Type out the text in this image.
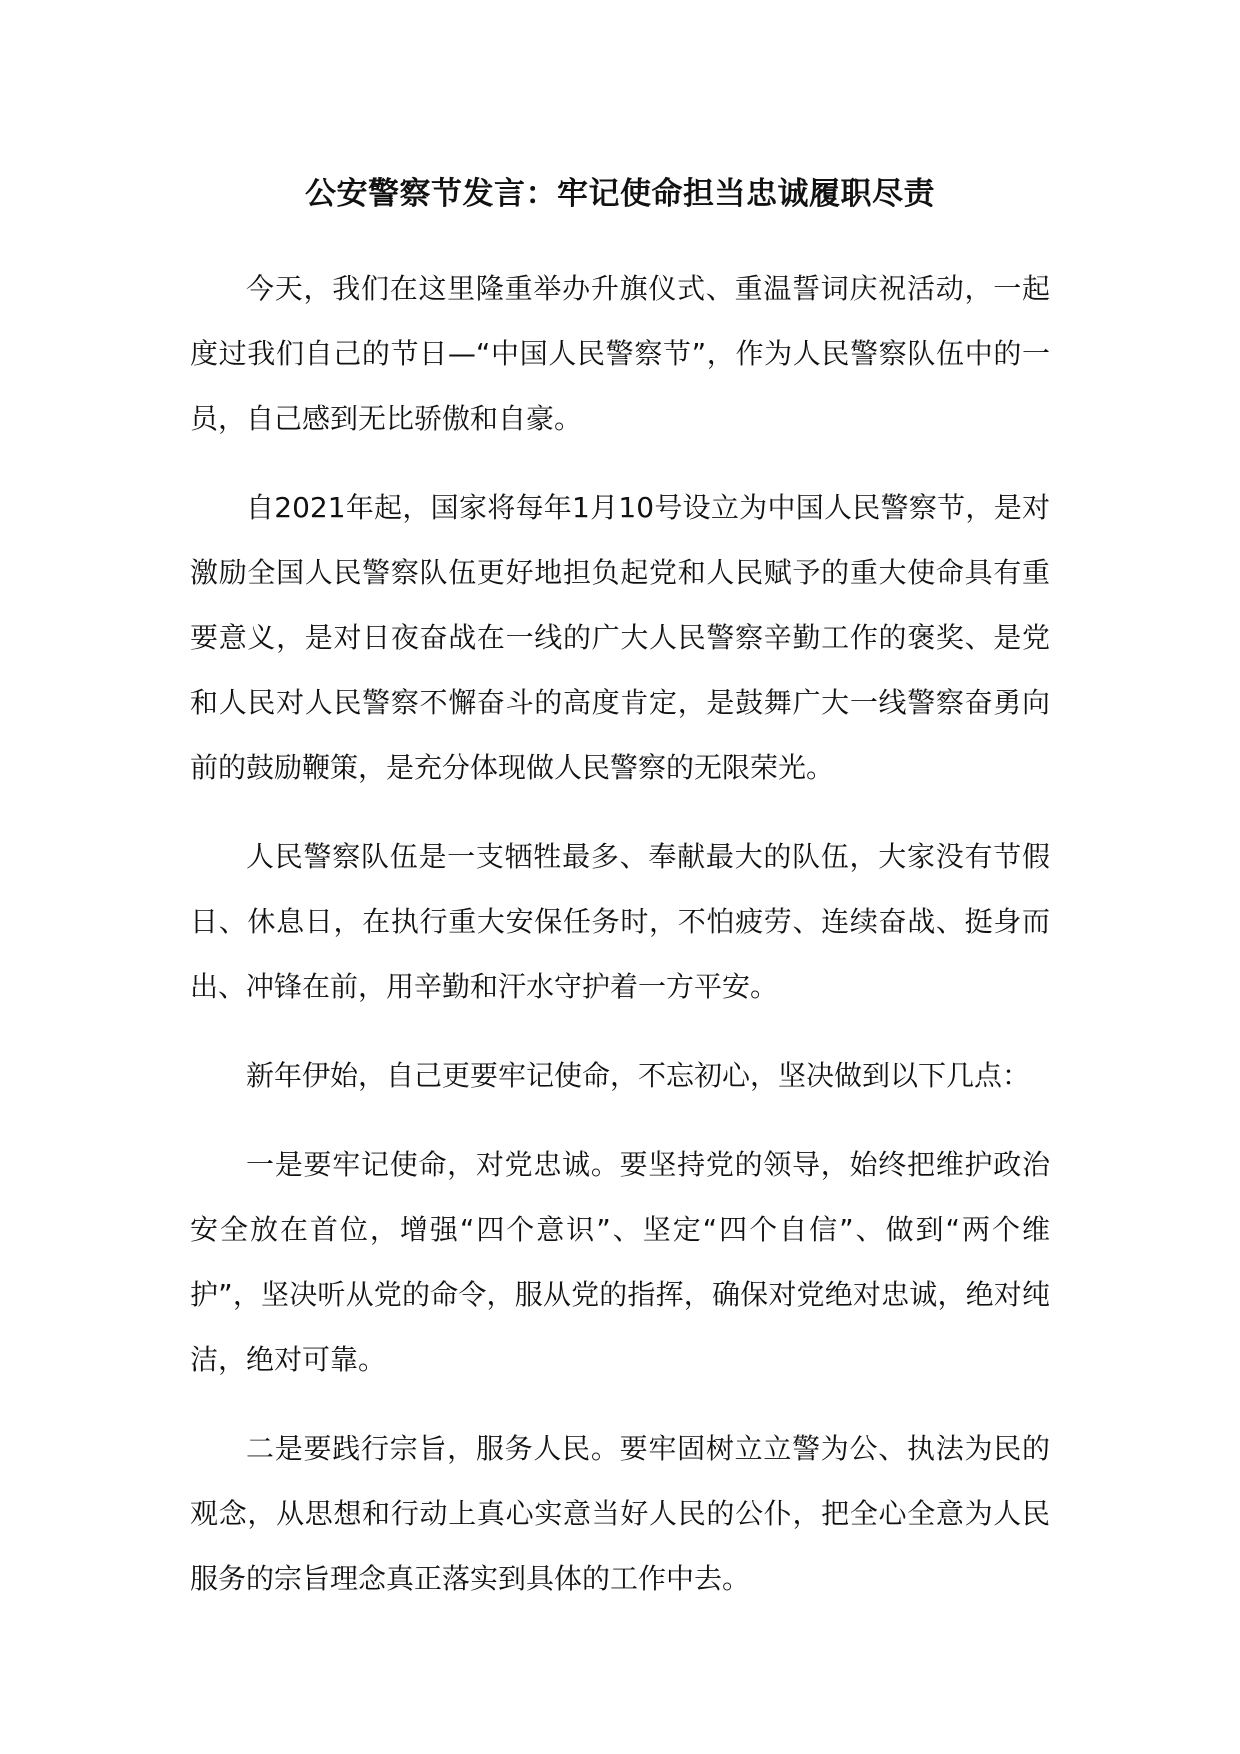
公安警察节发言：牢记使命担当忠诚履职尽责

今天，我们在这里隆重举办升旗仪式、重温誓词庆祝活动，一起度过我们自己的节日—“中国人民警察节”，作为人民警察队伍中的一员，自己感到无比骄傲和自豪。

自2021年起，国家将每年1月10号设立为中国人民警察节，是对激励全国人民警察队伍更好地担负起党和人民赋予的重大使命具有重要意义，是对日夜奋战在一线的广大人民警察辛勤工作的褒奖、是党和人民对人民警察不懈奋斗的高度肯定，是鼓舞广大一线警察奋勇向前的鼓励鞭策，是充分体现做人民警察的无限荣光。

人民警察队伍是一支牺牲最多、奉献最大的队伍，大家没有节假日、休息日，在执行重大安保任务时，不怕疲劳、连续奋战、挺身而出、冲锋在前，用辛勤和汗水守护着一方平安。

新年伊始，自己更要牢记使命，不忘初心，坚决做到以下几点：

一是要牢记使命，对党忠诚。要坚持党的领导，始终把维护政治安全放在首位，增强“四个意识”、坚定“四个自信”、做到“两个维护”，坚决听从党的命令，服从党的指挥，确保对党绝对忠诚，绝对纯洁，绝对可靠。

二是要践行宗旨，服务人民。要牢固树立立警为公、执法为民的观念，从思想和行动上真心实意当好人民的公仆，把全心全意为人民服务的宗旨理念真正落实到具体的工作中去。
